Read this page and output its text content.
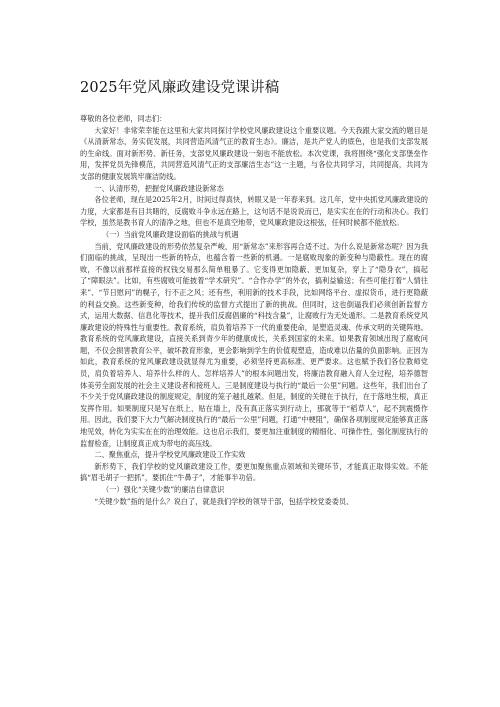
2025年党风廉政建设党课讲稿

尊敬的各位老师，同志们：

大家好！非常荣幸能在这里和大家共同探讨学校党风廉政建设这个重要议题。今天我跟大家交流的题目是《从清新常态，务实促发展，共同营造风清气正的教育生态》。廉洁，是共产党人的底色，也是我们支部发展的生命线。面对新形势、新任务，支部党风廉政建设一刻也不能放松。本次党课，我将围绕“强化支部堡垒作用，发挥党员先锋模范，共同营造风清气正的支部廉洁生态”这一主题，与各位共同学习，共同提高，共同为支部的健康发展筑牢廉洁防线。

一、认清形势，把握党风廉政建设新常态

各位老师，现在是2025年2月，时间过得真快，转眼又是一年春来到。这几年，党中央抓党风廉政建设的力度，大家都是有目共睹的，反腐败斗争永远在路上，这句话不是说说而已，是实实在在的行动和决心。我们学校，虽然是教书育人的清净之地，但也不是真空地带，党风廉政建设这根弦，任何时候都不能放松。

（一）当前党风廉政建设面临的挑战与机遇

当前，党风廉政建设的形势依然复杂严峻，用“新常态”来形容再合适不过。为什么说是新常态呢？因为我们面临的挑战，呈现出一些新的特点，也蕴含着一些新的机遇。一是腐败现象的新变种与隐蔽性。现在的腐败，不像以前那样直接的权钱交易那么简单粗暴了。它变得更加隐蔽、更加复杂，穿上了“隐身衣”，搞起了“障眼法”。比如，有些腐败可能披着“学术研究”、“合作办学”的外衣，搞利益输送；有些可能打着“人情往来”、“节日慰问”的幌子，行不正之风；还有些，利用新的技术手段，比如网络平台、虚拟货币，进行更隐蔽的利益交换。这些新变种，给我们传统的监督方式提出了新的挑战。但同时，这也倒逼我们必须创新监督方式，运用大数据、信息化等技术，提升我们反腐倡廉的“科技含量”，让腐败行为无处遁形。二是教育系统党风廉政建设的特殊性与重要性。教育系统，肩负着培养下一代的重要使命，是塑造灵魂、传承文明的关键阵地。教育系统的党风廉政建设，直接关系到青少年的健康成长，关系到国家的未来。如果教育领域出现了腐败问题，不仅会损害教育公平，破坏教育形象，更会影响到学生的价值观塑造，造成难以估量的负面影响。正因为如此，教育系统的党风廉政建设就显得尤为重要，必须坚持更高标准、更严要求。这也赋予我们各位教师党员，肩负着培养人、培养什么样的人、怎样培养人”的根本问题出发，将廉洁教育融入育人全过程，培养德智体美劳全面发展的社会主义建设者和接班人。三是制度建设与执行的“最后一公里”问题。这些年，我们出台了不少关于党风廉政建设的制度规定，制度的笼子越扎越紧。但是，制度的关键在于执行，在于落地生根，真正发挥作用。如果制度只是写在纸上、贴在墙上，没有真正落实到行动上，那就等于“稻草人”，起不到震慑作用。因此，我们要下大力气解决制度执行的“最后一公里”问题，打通“中梗阻”，确保各项制度规定能够真正落地见效，转化为实实在在的治理效能。这也启示我们，要更加注重制度的精细化、可操作性，强化制度执行的监督检查，让制度真正成为带电的高压线。

二、聚焦重点，提升学校党风廉政建设工作实效

新形势下，我们学校的党风廉政建设工作，要更加聚焦重点领域和关键环节，才能真正取得实效。不能搞“眉毛胡子一把抓”，要抓住“牛鼻子”，才能事半功倍。

（一）强化“关键少数”的廉洁自律意识

“关键少数”指的是什么？说白了，就是我们学校的领导干部，包括学校党委委员、
